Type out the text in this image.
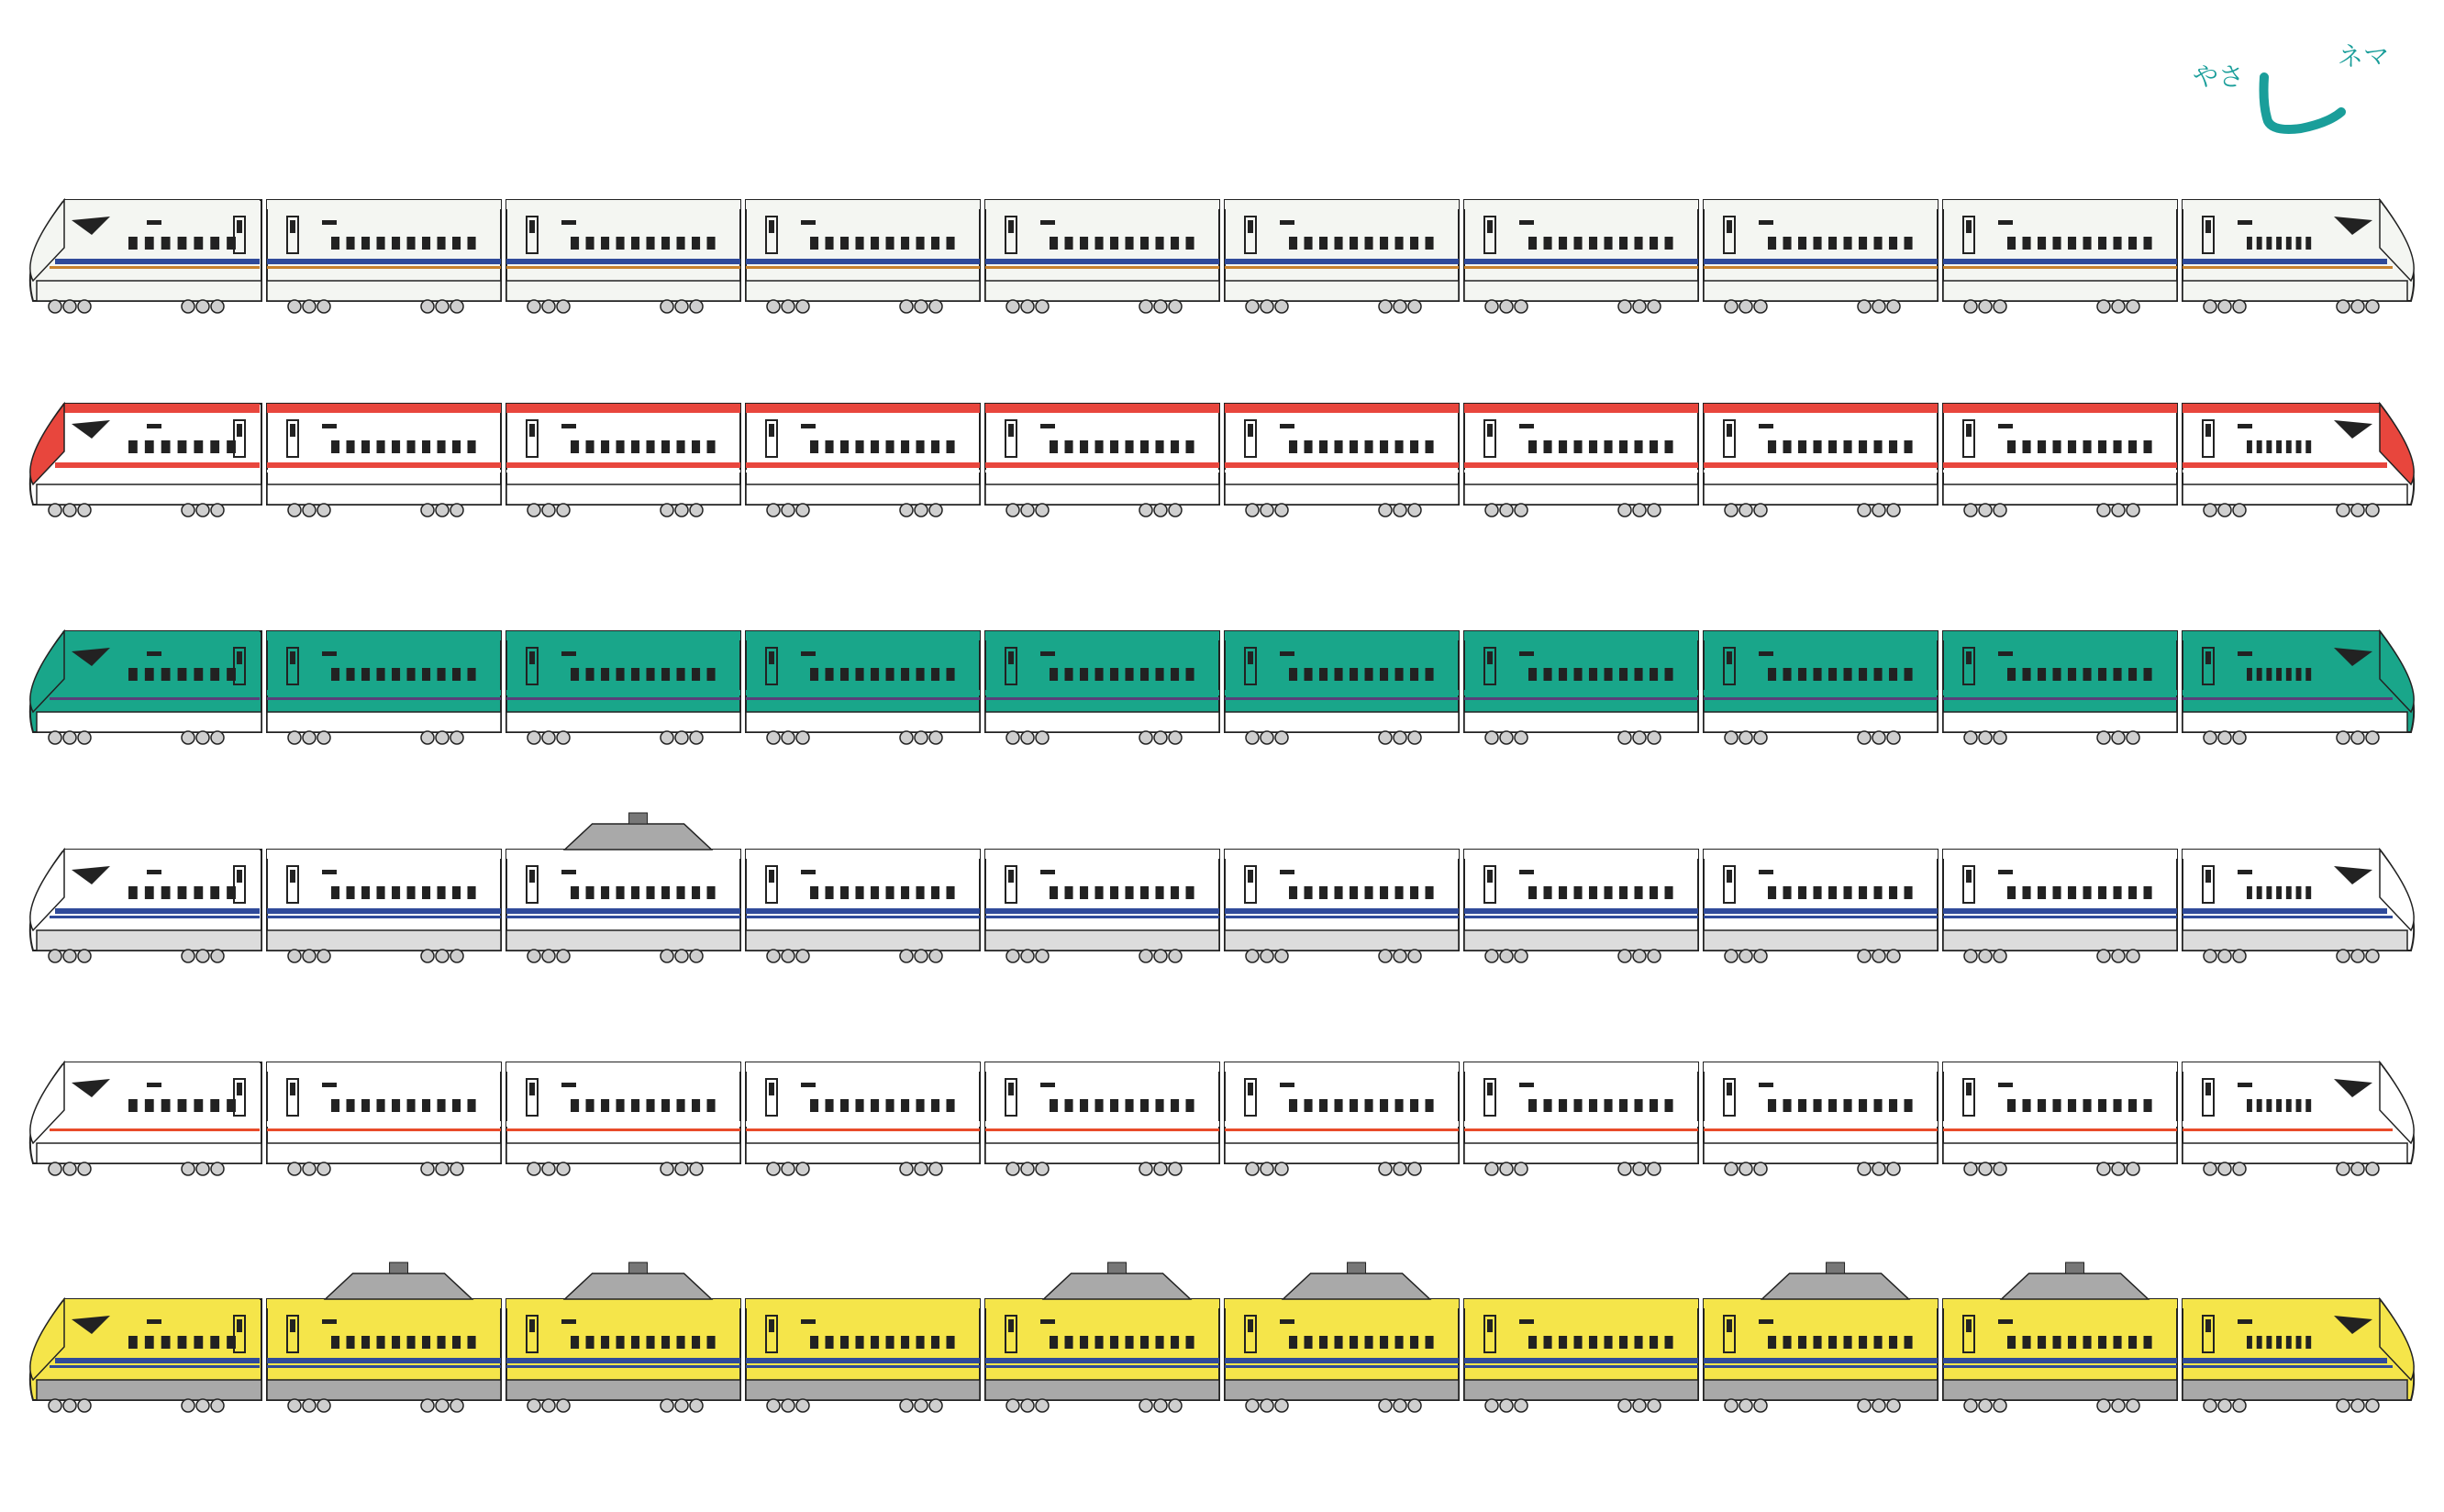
やさ
ネマ
